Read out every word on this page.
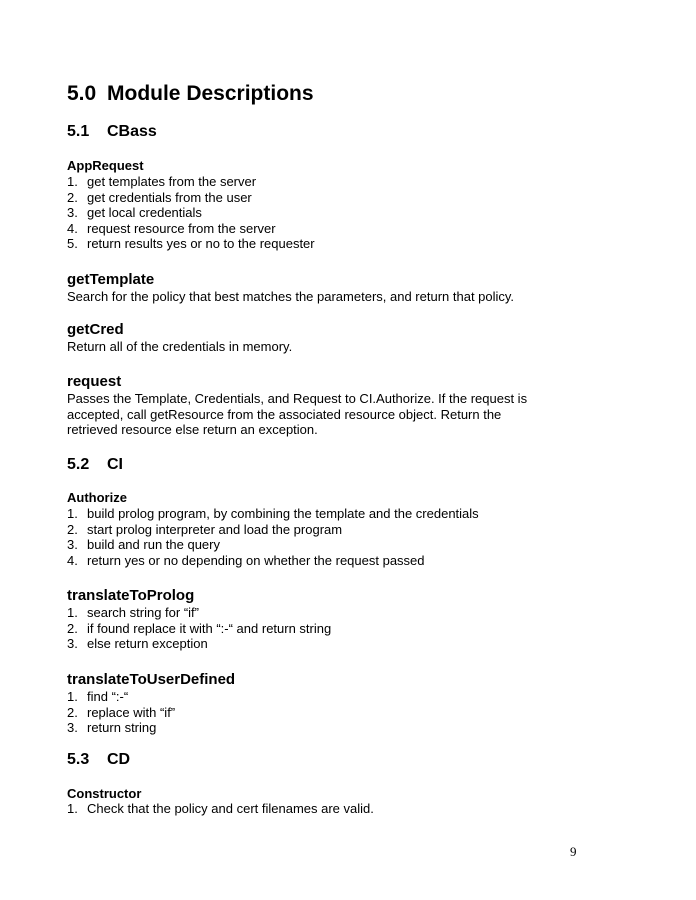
5.0 Module Descriptions
5.1 CBass
AppRequest
1. get templates from the server
2. get credentials from the user
3. get local credentials
4. request resource from the server
5. return results yes or no to the requester
getTemplate

Search for the policy that best matches the parameters, and return that policy.

getCred

Return all of the credentials in memory.

request
Passes the Template, Credentials, and Request to CI.Authorize. If the request is
accepted, call getResource from the associated resource object. Return the
retrieved resource else return an exception.
5.2 CI
Authorize
1. build prolog program, by combining the template and the credentials
2. start prolog interpreter and load the program
3. build and run the query
4. return yes or no depending on whether the request passed
translateToProlog
1. search string for “if”
2. if found replace it with “:-“ and return string
3. else return exception
translateToUserDefined
1. find “:-“
2. replace with “if”
3. return string
5.3 CD
Constructor
1. Check that the policy and cert filenames are valid.
9
